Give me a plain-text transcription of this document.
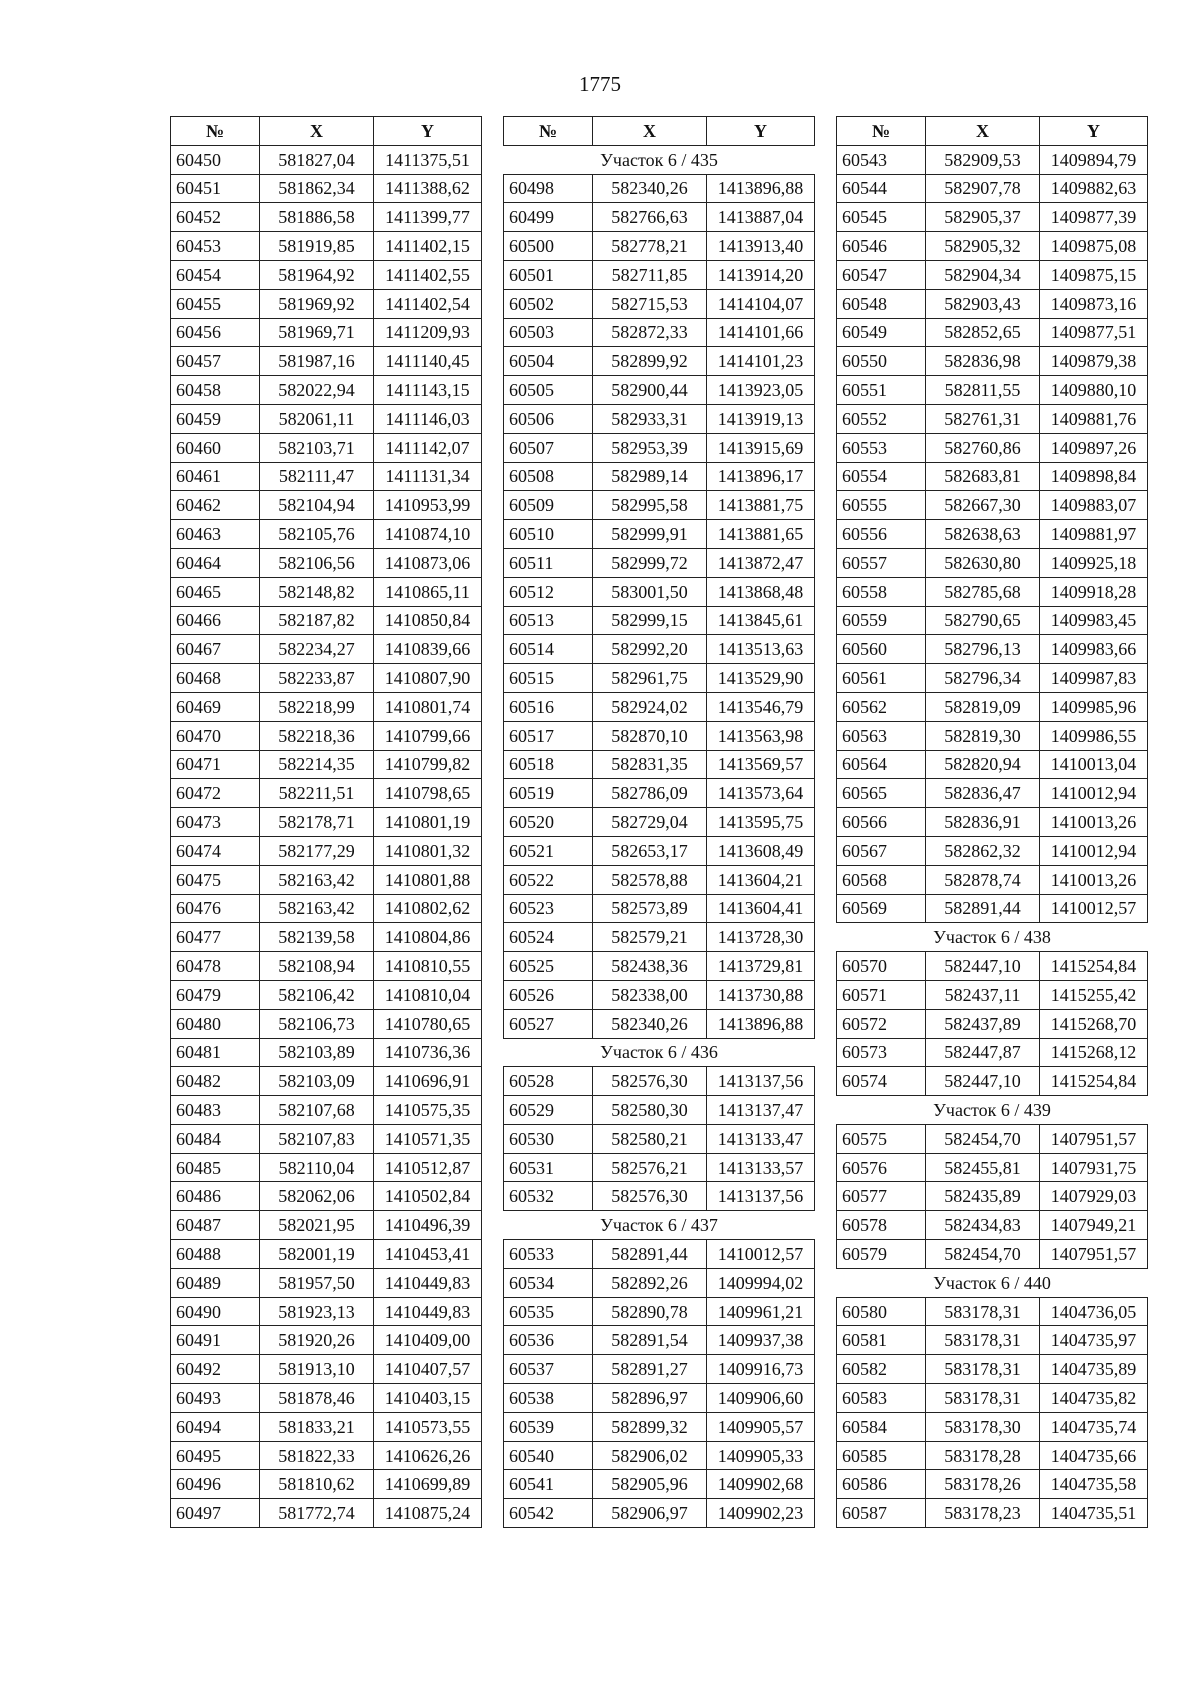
1775
№	X	Y
60450	581827,04	1411375,51
60451	581862,34	1411388,62
60452	581886,58	1411399,77
60453	581919,85	1411402,15
60454	581964,92	1411402,55
60455	581969,92	1411402,54
60456	581969,71	1411209,93
60457	581987,16	1411140,45
60458	582022,94	1411143,15
60459	582061,11	1411146,03
60460	582103,71	1411142,07
60461	582111,47	1411131,34
60462	582104,94	1410953,99
60463	582105,76	1410874,10
60464	582106,56	1410873,06
60465	582148,82	1410865,11
60466	582187,82	1410850,84
60467	582234,27	1410839,66
60468	582233,87	1410807,90
60469	582218,99	1410801,74
60470	582218,36	1410799,66
60471	582214,35	1410799,82
60472	582211,51	1410798,65
60473	582178,71	1410801,19
60474	582177,29	1410801,32
60475	582163,42	1410801,88
60476	582163,42	1410802,62
60477	582139,58	1410804,86
60478	582108,94	1410810,55
60479	582106,42	1410810,04
60480	582106,73	1410780,65
60481	582103,89	1410736,36
60482	582103,09	1410696,91
60483	582107,68	1410575,35
60484	582107,83	1410571,35
60485	582110,04	1410512,87
60486	582062,06	1410502,84
60487	582021,95	1410496,39
60488	582001,19	1410453,41
60489	581957,50	1410449,83
60490	581923,13	1410449,83
60491	581920,26	1410409,00
60492	581913,10	1410407,57
60493	581878,46	1410403,15
60494	581833,21	1410573,55
60495	581822,33	1410626,26
60496	581810,62	1410699,89
60497	581772,74	1410875,24
№	X	Y
Участок 6 / 435		
60498	582340,26	1413896,88
60499	582766,63	1413887,04
60500	582778,21	1413913,40
60501	582711,85	1413914,20
60502	582715,53	1414104,07
60503	582872,33	1414101,66
60504	582899,92	1414101,23
60505	582900,44	1413923,05
60506	582933,31	1413919,13
60507	582953,39	1413915,69
60508	582989,14	1413896,17
60509	582995,58	1413881,75
60510	582999,91	1413881,65
60511	582999,72	1413872,47
60512	583001,50	1413868,48
60513	582999,15	1413845,61
60514	582992,20	1413513,63
60515	582961,75	1413529,90
60516	582924,02	1413546,79
60517	582870,10	1413563,98
60518	582831,35	1413569,57
60519	582786,09	1413573,64
60520	582729,04	1413595,75
60521	582653,17	1413608,49
60522	582578,88	1413604,21
60523	582573,89	1413604,41
60524	582579,21	1413728,30
60525	582438,36	1413729,81
60526	582338,00	1413730,88
60527	582340,26	1413896,88
Участок 6 / 436		
60528	582576,30	1413137,56
60529	582580,30	1413137,47
60530	582580,21	1413133,47
60531	582576,21	1413133,57
60532	582576,30	1413137,56
Участок 6 / 437		
60533	582891,44	1410012,57
60534	582892,26	1409994,02
60535	582890,78	1409961,21
60536	582891,54	1409937,38
60537	582891,27	1409916,73
60538	582896,97	1409906,60
60539	582899,32	1409905,57
60540	582906,02	1409905,33
60541	582905,96	1409902,68
60542	582906,97	1409902,23
№	X	Y
60543	582909,53	1409894,79
60544	582907,78	1409882,63
60545	582905,37	1409877,39
60546	582905,32	1409875,08
60547	582904,34	1409875,15
60548	582903,43	1409873,16
60549	582852,65	1409877,51
60550	582836,98	1409879,38
60551	582811,55	1409880,10
60552	582761,31	1409881,76
60553	582760,86	1409897,26
60554	582683,81	1409898,84
60555	582667,30	1409883,07
60556	582638,63	1409881,97
60557	582630,80	1409925,18
60558	582785,68	1409918,28
60559	582790,65	1409983,45
60560	582796,13	1409983,66
60561	582796,34	1409987,83
60562	582819,09	1409985,96
60563	582819,30	1409986,55
60564	582820,94	1410013,04
60565	582836,47	1410012,94
60566	582836,91	1410013,26
60567	582862,32	1410012,94
60568	582878,74	1410013,26
60569	582891,44	1410012,57
Участок 6 / 438		
60570	582447,10	1415254,84
60571	582437,11	1415255,42
60572	582437,89	1415268,70
60573	582447,87	1415268,12
60574	582447,10	1415254,84
Участок 6 / 439		
60575	582454,70	1407951,57
60576	582455,81	1407931,75
60577	582435,89	1407929,03
60578	582434,83	1407949,21
60579	582454,70	1407951,57
Участок 6 / 440		
60580	583178,31	1404736,05
60581	583178,31	1404735,97
60582	583178,31	1404735,89
60583	583178,31	1404735,82
60584	583178,30	1404735,74
60585	583178,28	1404735,66
60586	583178,26	1404735,58
60587	583178,23	1404735,51
